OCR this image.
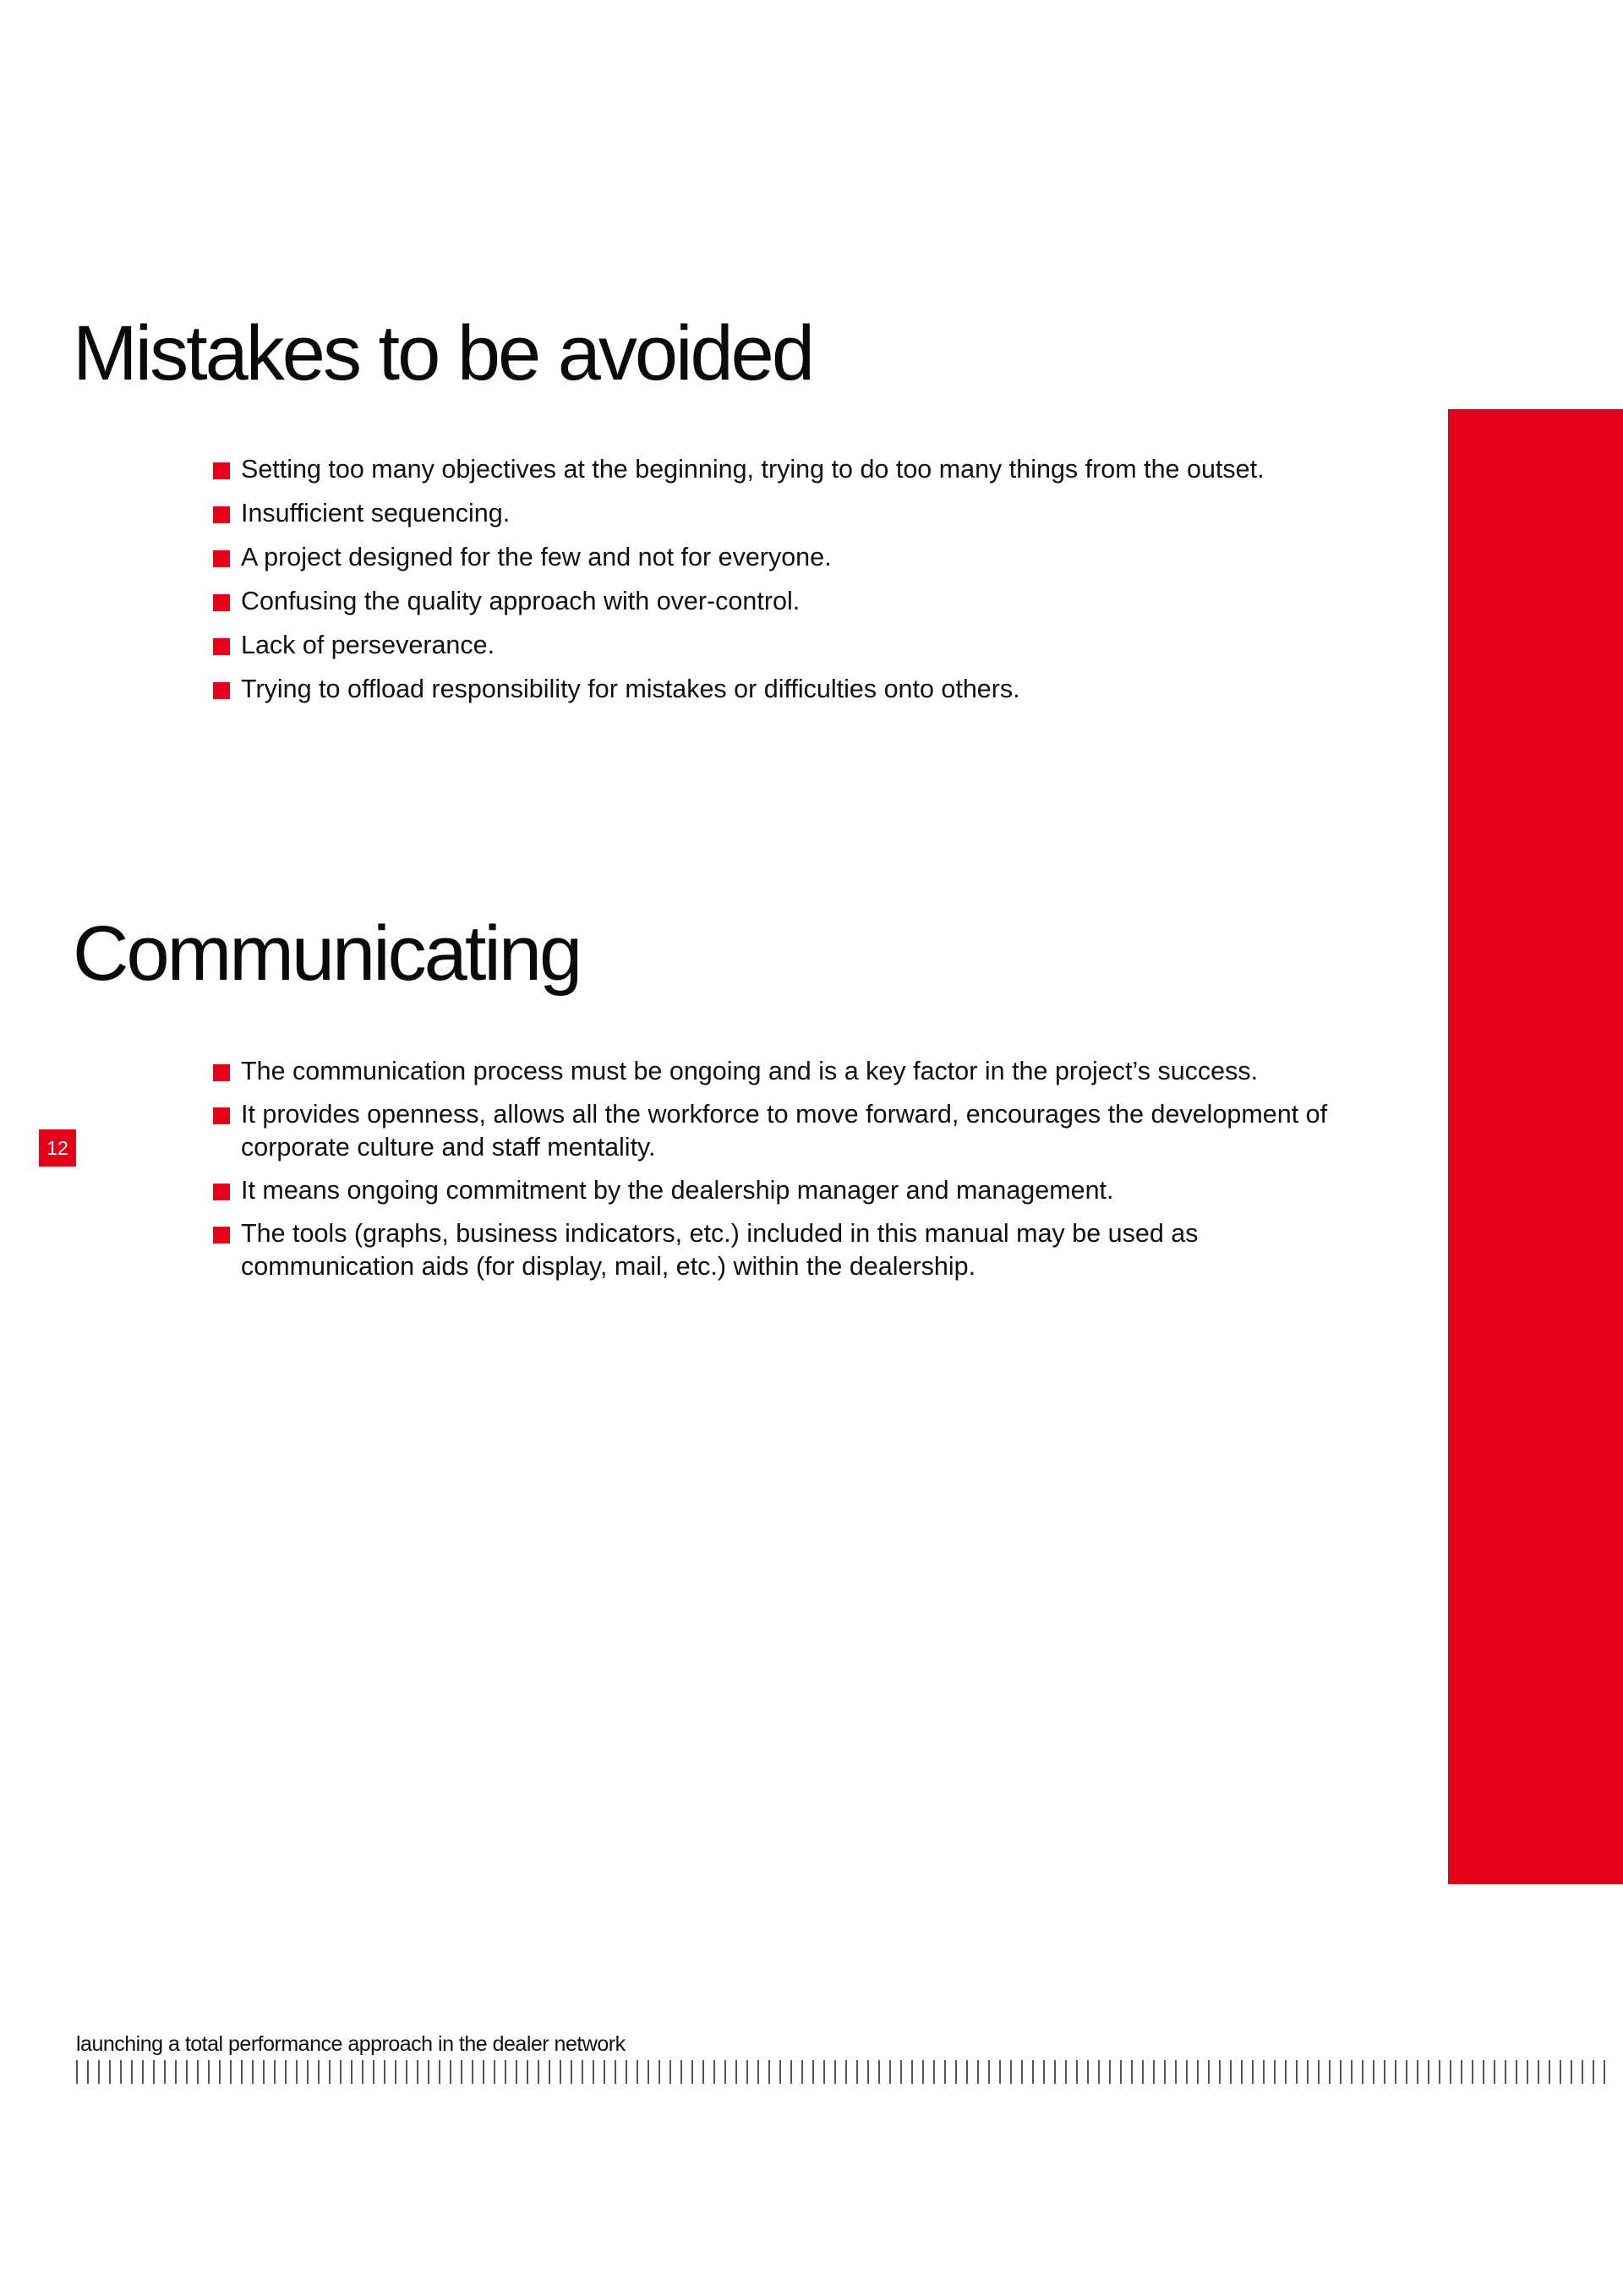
Mistakes to be avoided
Setting too many objectives at the beginning, trying to do too many things from the outset.
Insufficient sequencing.
A project designed for the few and not for everyone.
Confusing the quality approach with over-control.
Lack of perseverance.
Trying to offload responsibility for mistakes or difficulties onto others.
Communicating
The communication process must be ongoing and is a key factor in the project’s success.
It provides openness, allows all the workforce to move forward, encourages the development of corporate culture and staff mentality.
It means ongoing commitment by the dealership manager and management.
The tools (graphs, business indicators, etc.) included in this manual may be used as communication aids (for display, mail, etc.) within the dealership.
12
launching a total performance approach in the dealer network
